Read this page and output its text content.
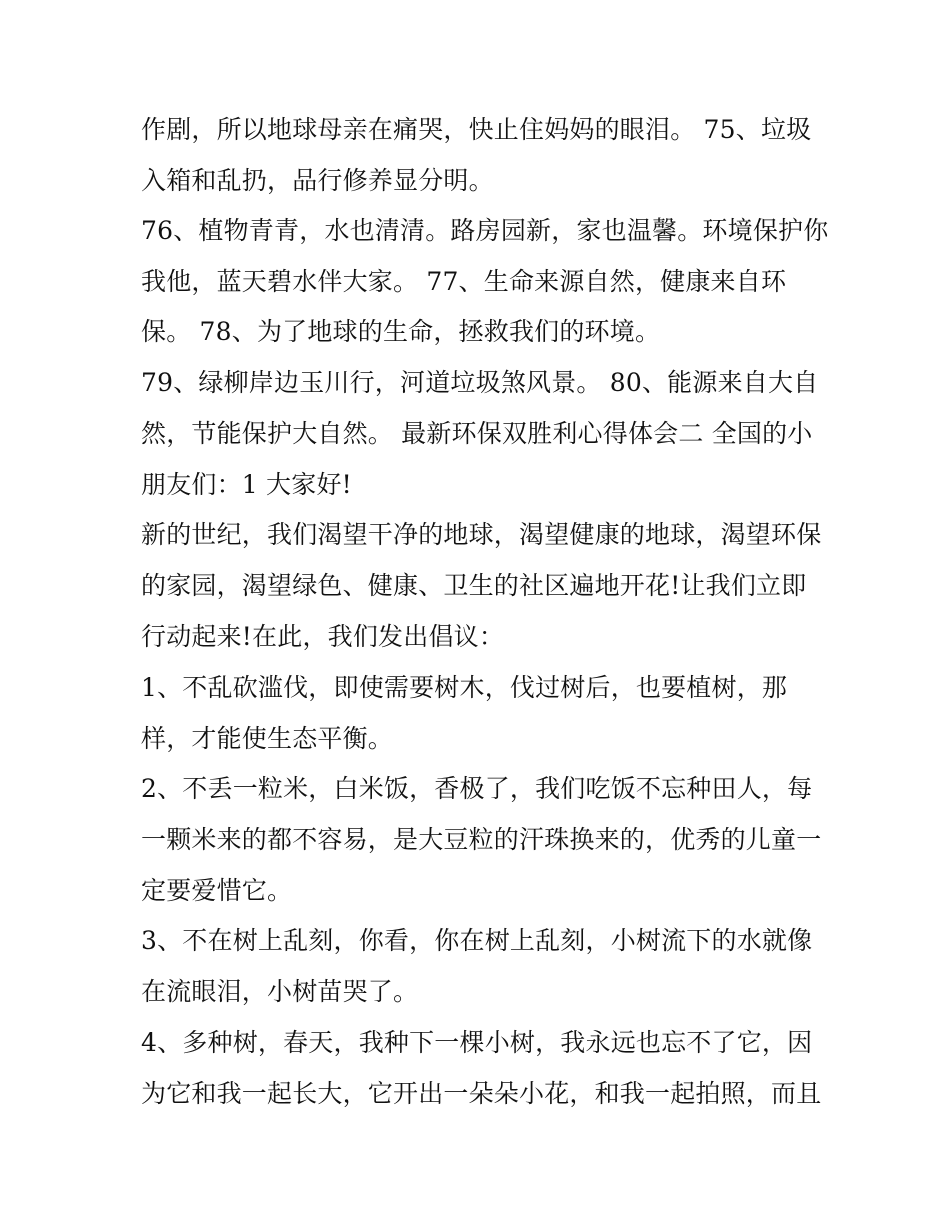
作剧，所以地球母亲在痛哭，快止住妈妈的眼泪。 75、垃圾
入箱和乱扔，品行修养显分明。
76、植物青青，水也清清。路房园新，家也温馨。环境保护你
我他，蓝天碧水伴大家。 77、生命来源自然，健康来自环
保。 78、为了地球的生命，拯救我们的环境。
79、绿柳岸边玉川行，河道垃圾煞风景。 80、能源来自大自
然，节能保护大自然。 最新环保双胜利心得体会二 全国的小
朋友们：1 大家好!
新的世纪，我们渴望干净的地球，渴望健康的地球，渴望环保
的家园，渴望绿色、健康、卫生的社区遍地开花!让我们立即
行动起来!在此，我们发出倡议：
1、不乱砍滥伐，即使需要树木，伐过树后，也要植树，那
样，才能使生态平衡。
2、不丢一粒米，白米饭，香极了，我们吃饭不忘种田人，每
一颗米来的都不容易，是大豆粒的汗珠换来的，优秀的儿童一
定要爱惜它。
3、不在树上乱刻，你看，你在树上乱刻，小树流下的水就像
在流眼泪，小树苗哭了。
4、多种树，春天，我种下一棵小树，我永远也忘不了它，因
为它和我一起长大，它开出一朵朵小花，和我一起拍照，而且
